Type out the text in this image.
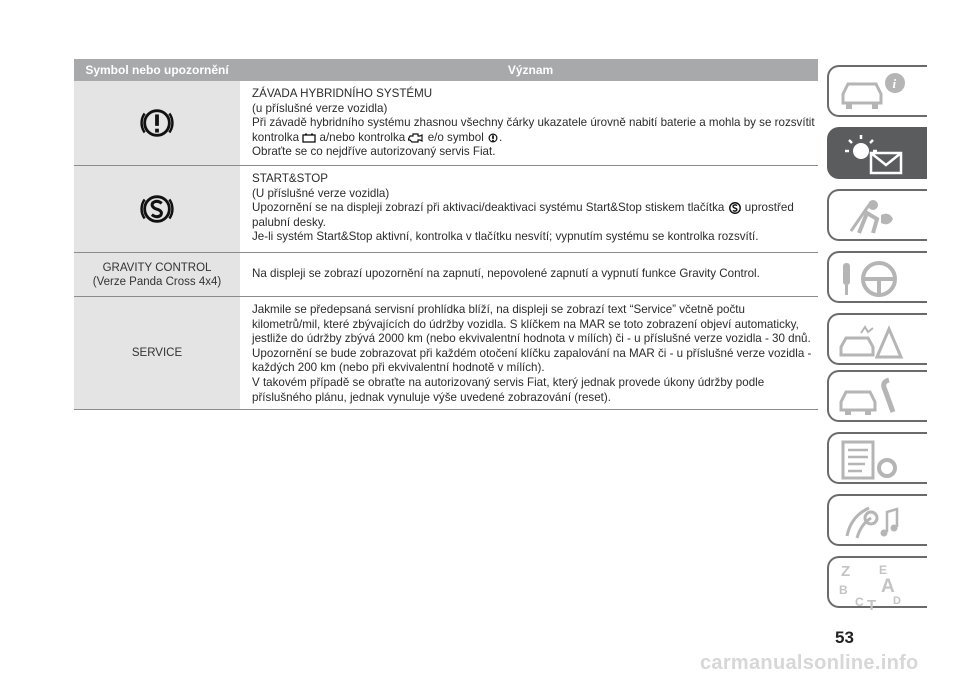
Symbol nebo upozornění	Význam

ZÁVADA HYBRIDNÍHO SYSTÉMU

(u příslušné verze vozidla)

Při závadě hybridního systému zhasnou všechny čárky ukazatele úrovně nabití baterie a mohla by se rozsvítit

kontrolka a/nebo kontrolka e/o symbol .

Obraťte se co nejdříve autorizovaný servis Fiat.

START&STOP

(U příslušné verze vozidla)

Upozornění se na displeji zobrazí při aktivaci/deaktivaci systému Start&Stop stiskem tlačítka uprostřed

palubní desky.

Je-li systém Start&Stop aktivní, kontrolka v tlačítku nesvítí; vypnutím systému se kontrolka rozsvítí.

GRAVITY CONTROL
(Verze Panda Cross 4x4)

Na displeji se zobrazí upozornění na zapnutí, nepovolené zapnutí a vypnutí funkce Gravity Control.

SERVICE

Jakmile se předepsaná servisní prohlídka blíží, na displeji se zobrazí text “Service” včetně počtu

kilometrů/mil, které zbývajících do údržby vozidla. S klíčkem na MAR se toto zobrazení objeví automaticky,

jestliže do údržby zbývá 2000 km (nebo ekvivalentní hodnota v mílích) či - u příslušné verze vozidla - 30 dnů.

Upozornění se bude zobrazovat při každém otočení klíčku zapalování na MAR či - u příslušné verze vozidla -

každých 200 km (nebo při ekvivalentní hodnotě v mílích).

V takovém případě se obraťte na autorizovaný servis Fiat, který jednak provede úkony údržby podle

příslušného plánu, jednak vynuluje výše uvedené zobrazování (reset).

i
Z E
A
B
C T D
53
carmanualsonline.info
